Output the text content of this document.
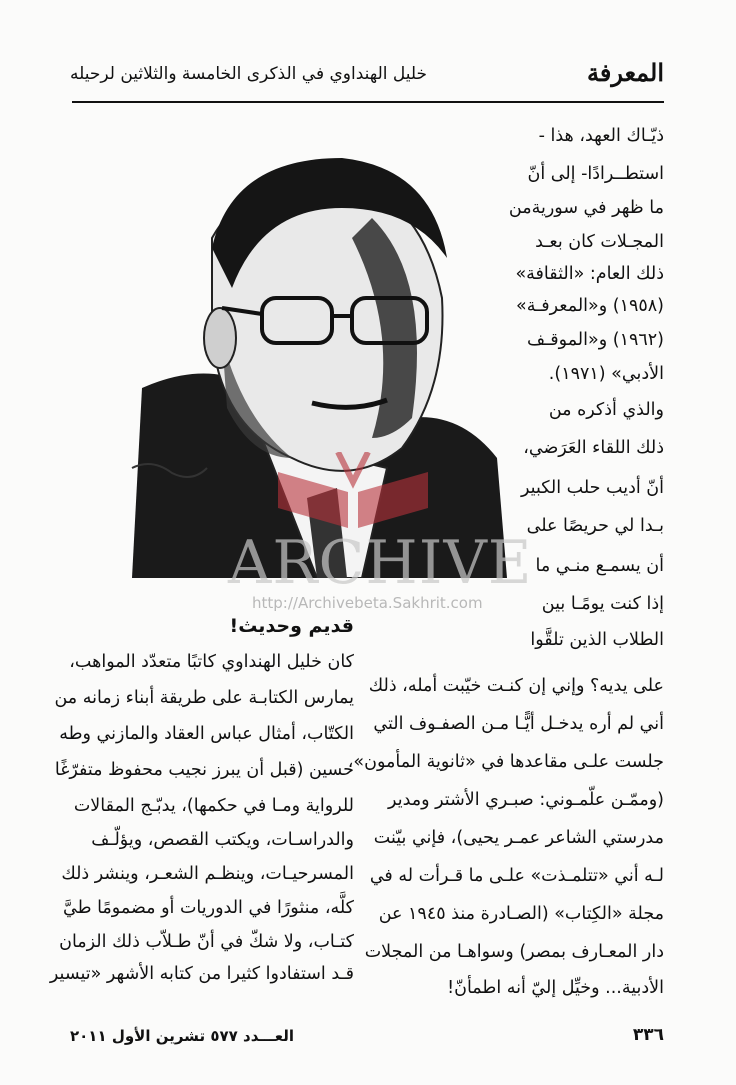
المعرفة
خليل الهنداوي في الذكرى الخامسة والثلاثين لرحيله
ARCHIVE
http://Archivebeta.Sakhrit.com
ذيّـاك العهد، هذا -
استطــرادًا- إلى أنّ
ما ظهر في سوريةمن
المجـلات كان بعـد
ذلك العام: «الثقافة»
(١٩٥٨) و«المعرفـة»
(١٩٦٢) و«الموقـف
الأدبي» (١٩٧١).
والذي أذكره من
ذلك اللقاء العَرَضي،
أنّ أديب حلب الكبير
بـدا لي حريصًا على
أن يسمـع منـي ما
إذا كنت يومًـا بين
الطلاب الذين تلقَّوا
على يديه؟ وإني إن كنـت خيّبت أمله، ذلك
أني لم أره يدخـل أيًّـا مـن الصفـوف التي
جلست علـى مقاعدها في «ثانوية المأمون»،
(وممّـن علّمـوني: صبـري الأشتر ومدير
مدرستي الشاعر عمـر يحيى)، فإني بيّنت
لـه أني «تتلمـذت» علـى ما قـرأت له في
مجلة «الكِتاب» (الصـادرة منذ ١٩٤٥ عن
دار المعـارف بمصر) وسواهـا من المجلات
الأدبية... وخيِّل إليّ أنه اطمأنّ!
قديم وحديث!
كان خليل الهنداوي كاتبًا متعدّد المواهب،
يمارس الكتابـة على طريقة أبناء زمانه من
الكتّاب، أمثال عباس العقاد والمازني وطه
حسين (قبل أن يبرز نجيب محفوظ متفرّغًا
للرواية ومـا في حكمها)، يدبّـج المقالات
والدراسـات، ويكتب القصص، ويؤلّـف
المسرحيـات، وينظـم الشعـر، وينشر ذلك
كلَّه، منثورًا في الدوريات أو مضمومًا طيَّ
كتـاب، ولا شكّ في أنّ طـلاّب ذلك الزمان
قـد استفادوا كثيرا من كتابه الأشهر «تيسير
٣٣٦
العـــدد ٥٧٧ تشرين الأول ٢٠١١
